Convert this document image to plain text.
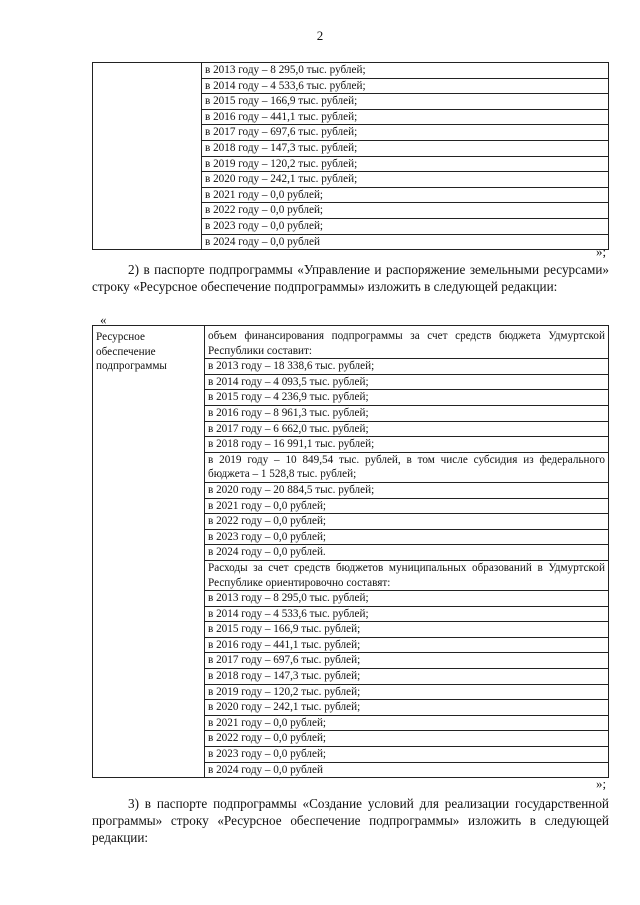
2

в 2013 году – 8 295,0 тыс. рублей;
в 2014 году – 4 533,6 тыс. рублей;
в 2015 году – 166,9 тыс. рублей;
в 2016 году – 441,1 тыс. рублей;
в 2017 году – 697,6 тыс. рублей;
в 2018 году – 147,3 тыс. рублей;
в 2019 году – 120,2 тыс. рублей;
в 2020 году – 242,1 тыс. рублей;
в 2021 году – 0,0 рублей;
в 2022 году – 0,0 рублей;
в 2023 году – 0,0 рублей;
в 2024 году – 0,0 рублей
»;
2) в паспорте подпрограммы «Управление и распоряжение земельными ресурсами» строку «Ресурсное обеспечение подпрограммы» изложить в следующей редакции:
«
Ресурсное обеспечение подпрограммы	
объем финансирования подпрограммы за счет средств бюджета Удмуртской Республики составит:
в 2013 году – 18 338,6 тыс. рублей;
в 2014 году – 4 093,5 тыс. рублей;
в 2015 году – 4 236,9 тыс. рублей;
в 2016 году – 8 961,3 тыс. рублей;
в 2017 году – 6 662,0 тыс. рублей;
в 2018 году – 16 991,1 тыс. рублей;
в 2019 году – 10 849,54 тыс. рублей, в том числе субсидия из федерального бюджета – 1 528,8 тыс. рублей;
в 2020 году – 20 884,5 тыс. рублей;
в 2021 году – 0,0 рублей;
в 2022 году – 0,0 рублей;
в 2023 году – 0,0 рублей;
в 2024 году – 0,0 рублей.
Расходы за счет средств бюджетов муниципальных образований в Удмуртской Республике ориентировочно составят:
в 2013 году – 8 295,0 тыс. рублей;
в 2014 году – 4 533,6 тыс. рублей;
в 2015 году – 166,9 тыс. рублей;
в 2016 году – 441,1 тыс. рублей;
в 2017 году – 697,6 тыс. рублей;
в 2018 году – 147,3 тыс. рублей;
в 2019 году – 120,2 тыс. рублей;
в 2020 году – 242,1 тыс. рублей;
в 2021 году – 0,0 рублей;
в 2022 году – 0,0 рублей;
в 2023 году – 0,0 рублей;
в 2024 году – 0,0 рублей
»;
3) в паспорте подпрограммы «Создание условий для реализации государственной программы» строку «Ресурсное обеспечение подпрограммы» изложить в следующей редакции:
